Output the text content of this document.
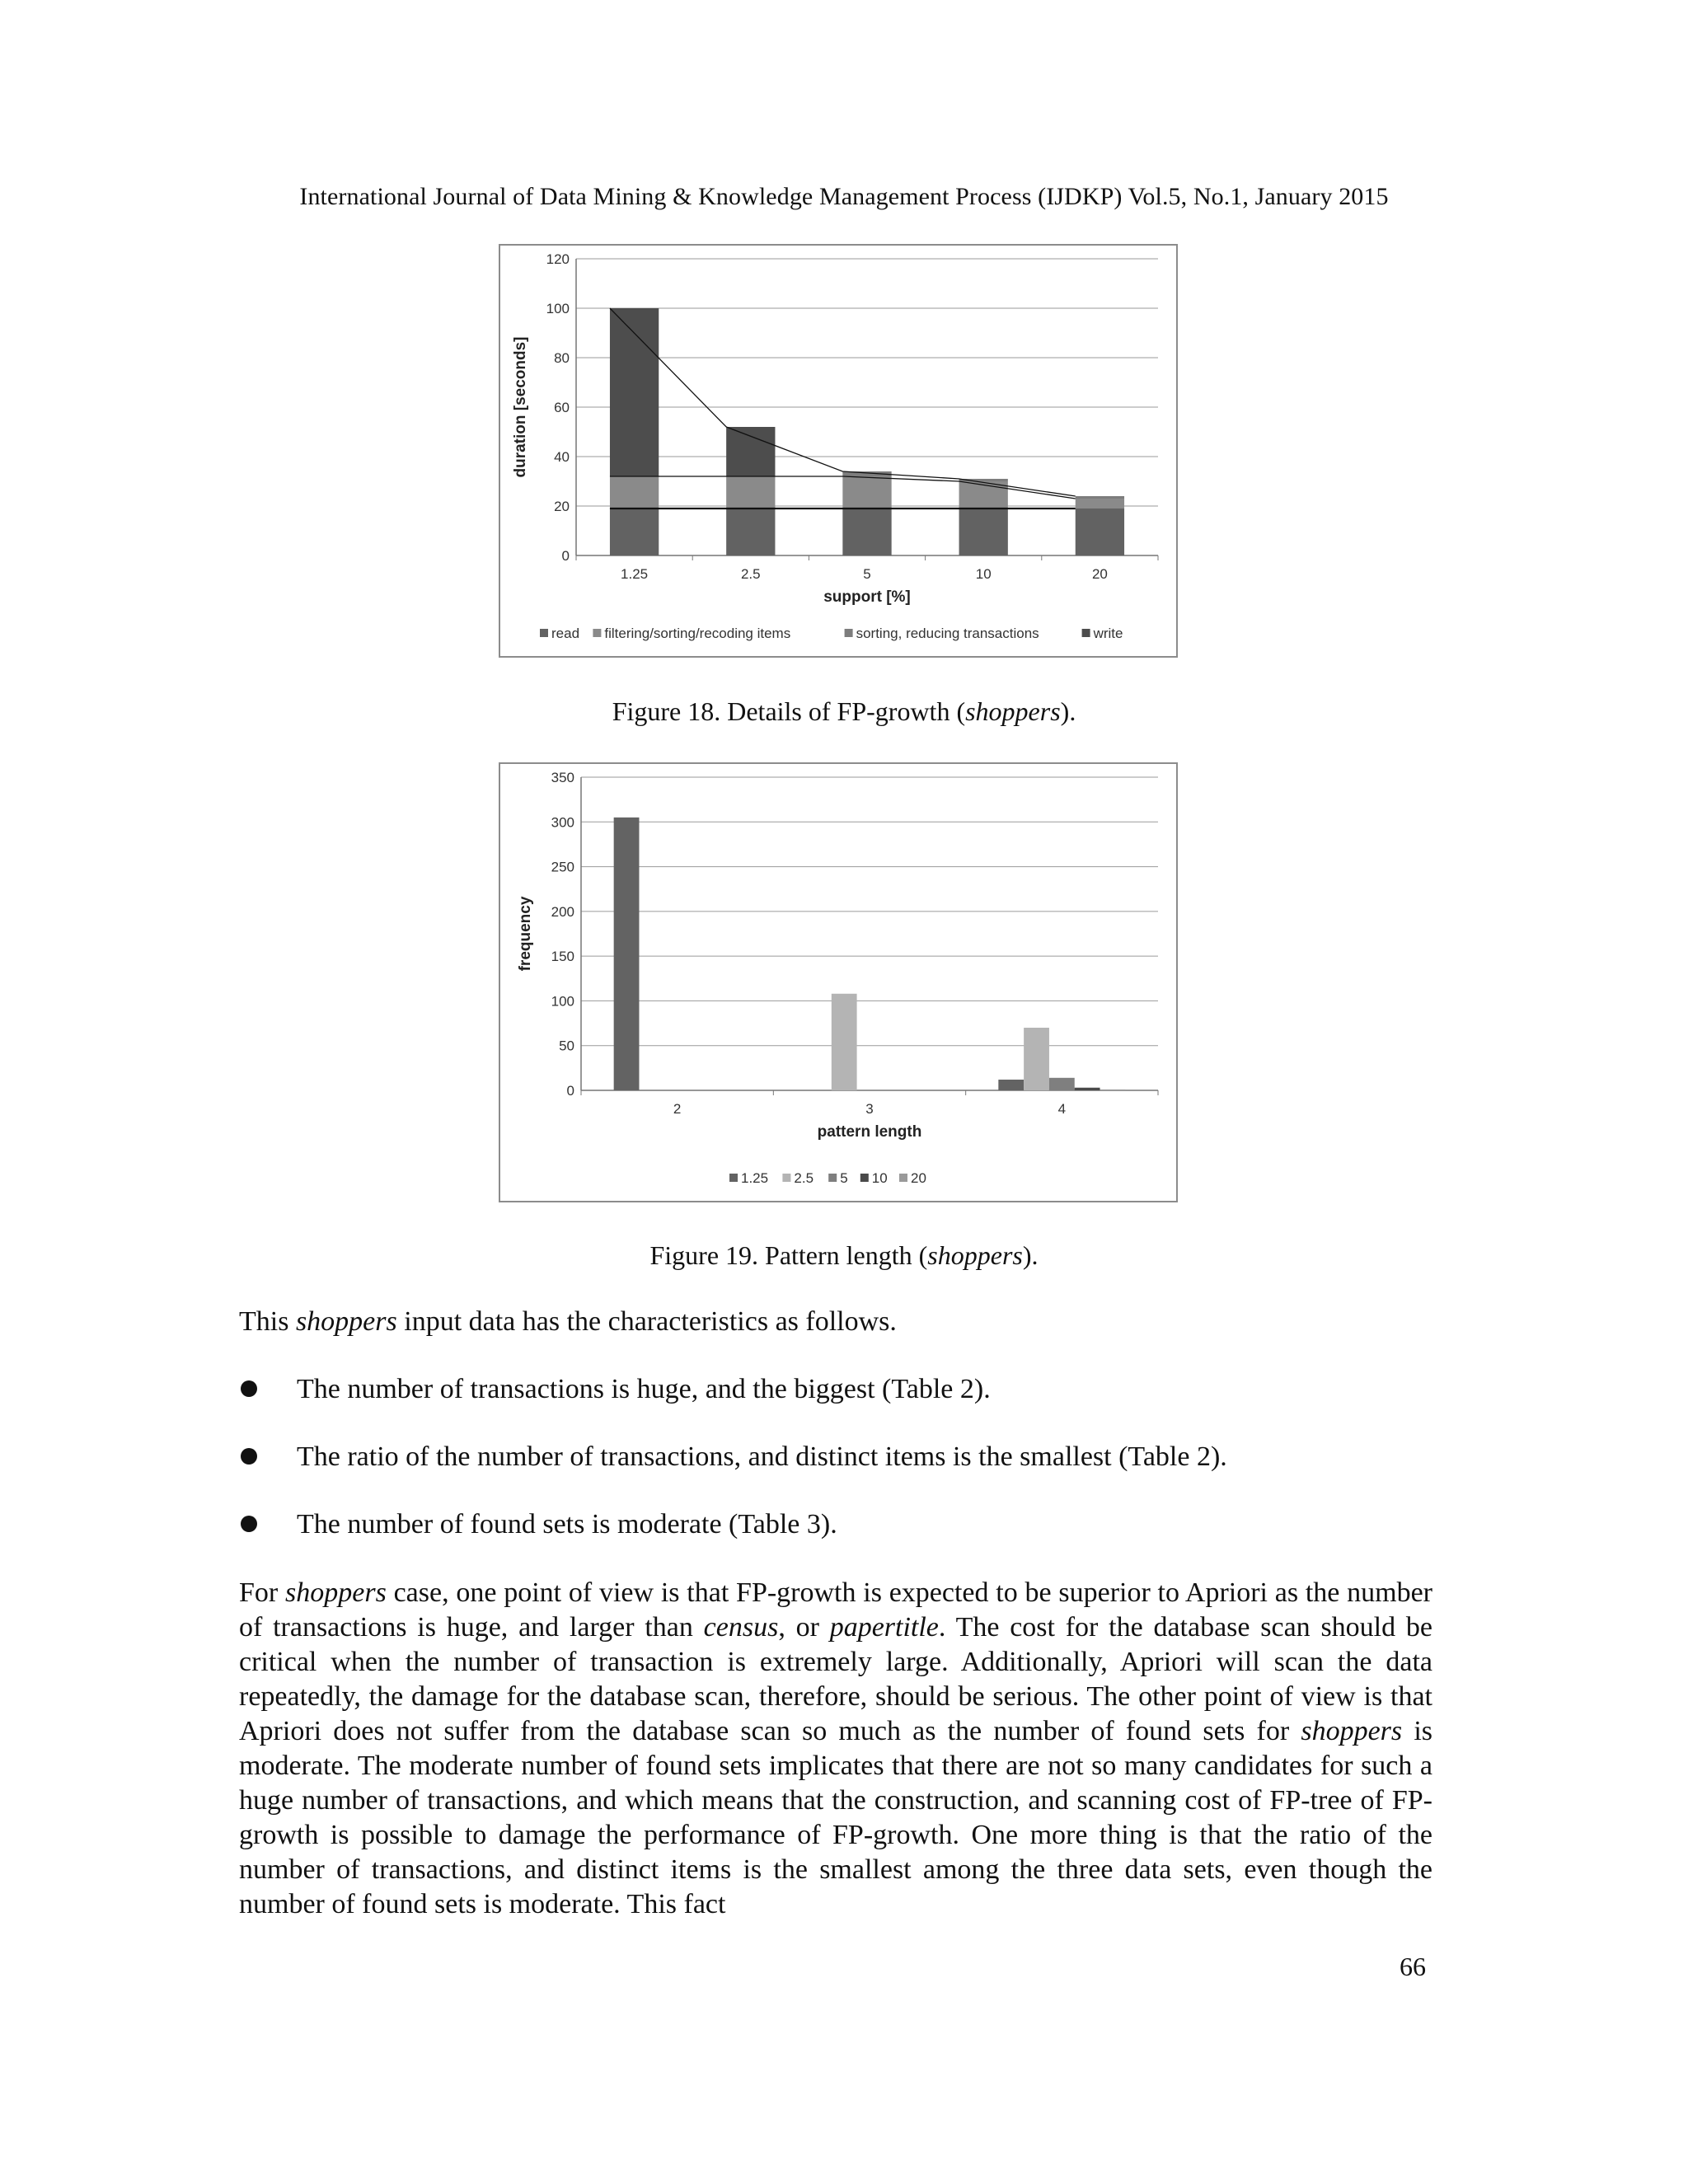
International Journal of Data Mining & Knowledge Management Process (IJDKP) Vol.5, No.1, January 2015
0
20
40
60
80
100
120
1.25	2.5	5	10	20
support [%]
duration [seconds]
read filtering/sorting/recoding items	sorting, reducing transactions	write
Figure 18. Details of FP-growth (shoppers).
0
50
100
150
200
250
300
350
2	3	4
pattern length
frequency
1.25 2.5 5 10 20
Figure 19. Pattern length (shoppers).
This shoppers input data has the characteristics as follows.
The number of transactions is huge, and the biggest (Table 2).
The ratio of the number of transactions, and distinct items is the smallest (Table 2).
The number of found sets is moderate (Table 3).
For shoppers case, one point of view is that FP-growth is expected to be superior to Apriori as the number of transactions is huge, and larger than census, or papertitle. The cost for the database scan should be critical when the number of transaction is extremely large. Additionally, Apriori will scan the data repeatedly, the damage for the database scan, therefore, should be serious. The other point of view is that Apriori does not suffer from the database scan so much as the number of found sets for shoppers is moderate. The moderate number of found sets implicates that there are not so many candidates for such a huge number of transactions, and which means that the construction, and scanning cost of FP-tree of FP-growth is possible to damage the performance of FP-growth. One more thing is that the ratio of the number of transactions, and distinct items is the smallest among the three data sets, even though the number of found sets is moderate. This fact
66
